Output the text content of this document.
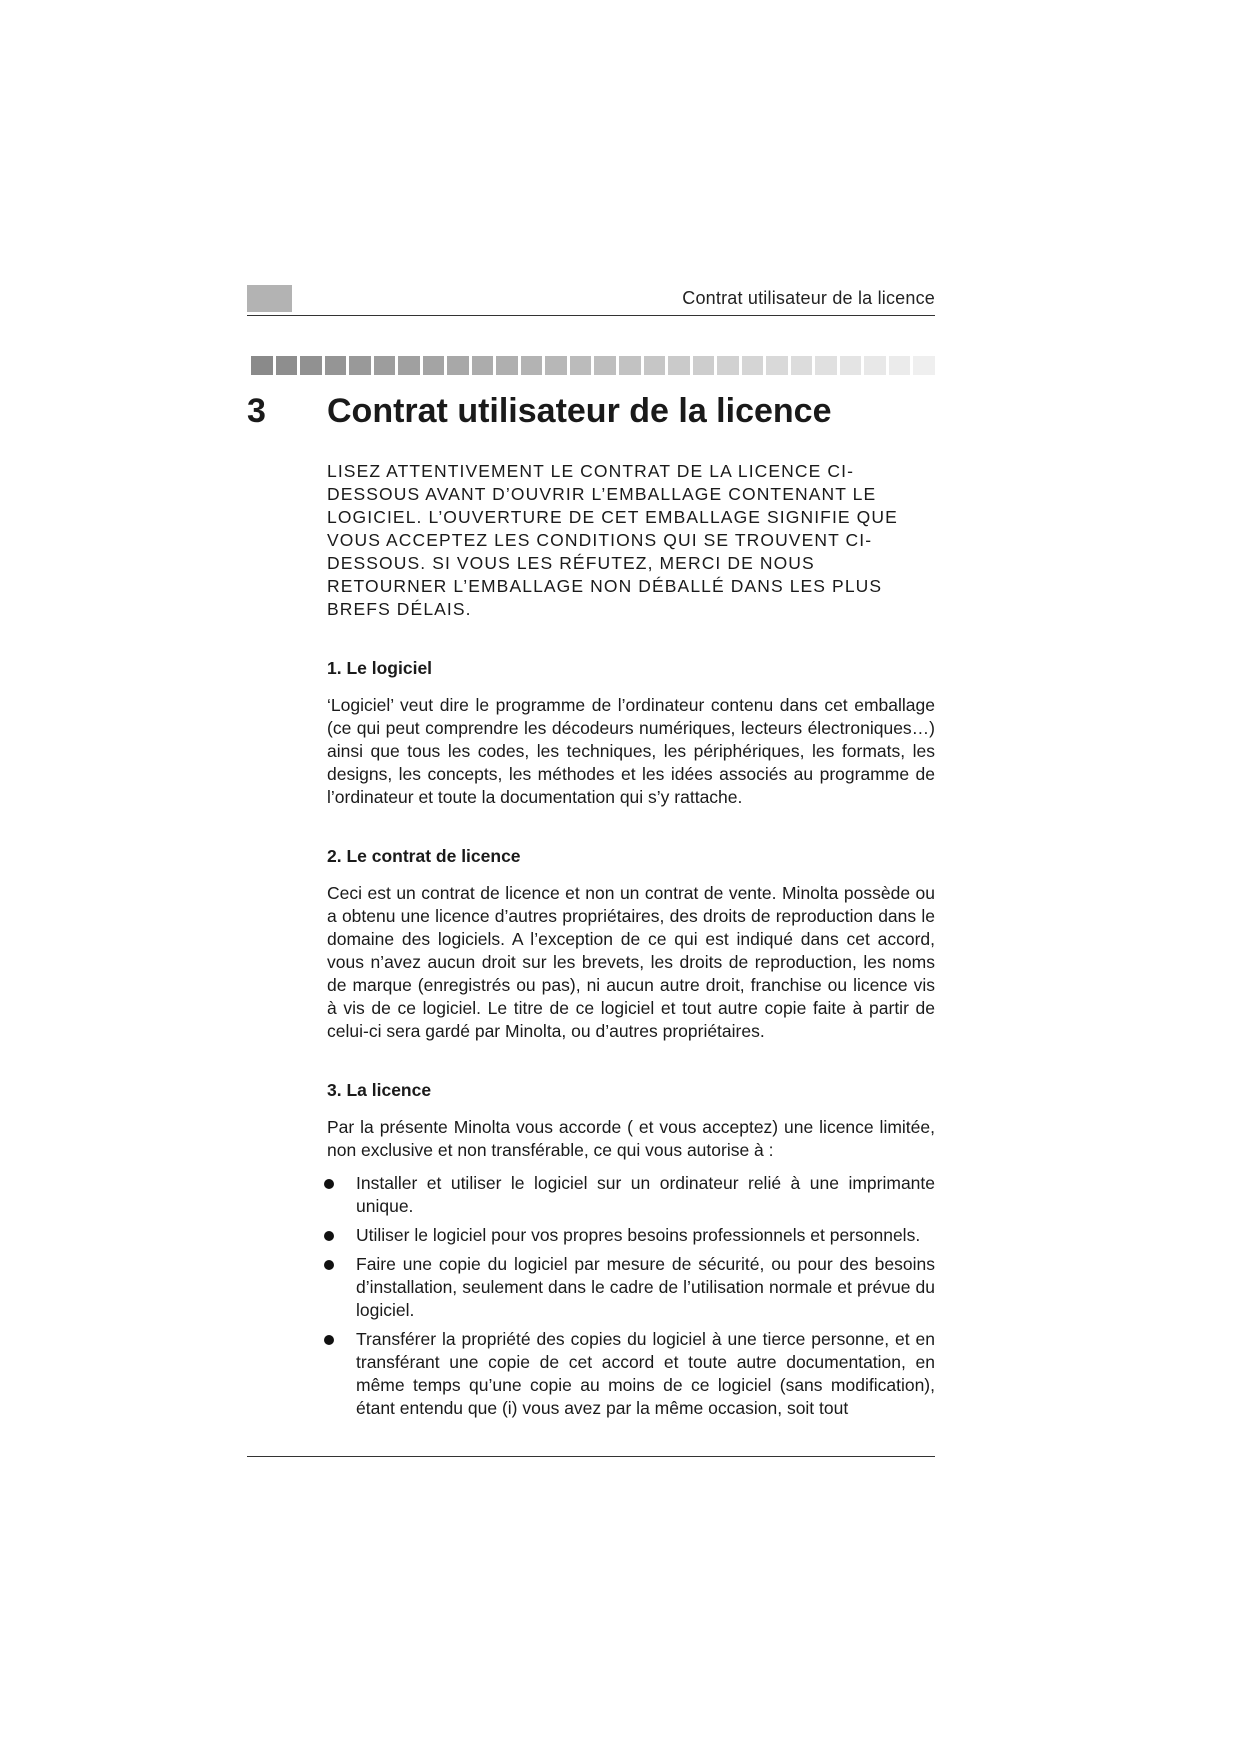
Contrat utilisateur de la licence
3 Contrat utilisateur de la licence

LISEZ ATTENTIVEMENT LE CONTRAT DE LA LICENCE CI-DESSOUS AVANT D’OUVRIR L’EMBALLAGE CONTENANT LE LOGICIEL. L’OUVERTURE DE CET EMBALLAGE SIGNIFIE QUE VOUS ACCEPTEZ LES CONDITIONS QUI SE TROUVENT CI-DESSOUS. SI VOUS LES RÉFUTEZ, MERCI DE NOUS RETOURNER L’EMBALLAGE NON DÉBALLÉ DANS LES PLUS BREFS DÉLAIS.

1. Le logiciel

‘Logiciel’ veut dire le programme de l’ordinateur contenu dans cet emballage (ce qui peut comprendre les décodeurs numériques, lecteurs électroniques…) ainsi que tous les codes, les techniques, les périphériques, les formats, les designs, les concepts, les méthodes et les idées associés au programme de l’ordinateur et toute la documentation qui s’y rattache.

2. Le contrat de licence

Ceci est un contrat de licence et non un contrat de vente. Minolta possède ou a obtenu une licence d’autres propriétaires, des droits de reproduction dans le domaine des logiciels. A l’exception de ce qui est indiqué dans cet accord, vous n’avez aucun droit sur les brevets, les droits de reproduction, les noms de marque (enregistrés ou pas), ni aucun autre droit, franchise ou licence vis à vis de ce logiciel. Le titre de ce logiciel et tout autre copie faite à partir de celui-ci sera gardé par Minolta, ou d’autres propriétaires.

3. La licence

Par la présente Minolta vous accorde ( et vous acceptez) une licence limitée, non exclusive et non transférable, ce qui vous autorise à :

Installer et utiliser le logiciel sur un ordinateur relié à une imprimante unique.
Utiliser le logiciel pour vos propres besoins professionnels et personnels.
Faire une copie du logiciel par mesure de sécurité, ou pour des besoins d’installation, seulement dans le cadre de l’utilisation normale et prévue du logiciel.
Transférer la propriété des copies du logiciel à une tierce personne, et en transférant une copie de cet accord et toute autre documentation, en même temps qu’une copie au moins de ce logiciel (sans modification), étant entendu que (i) vous avez par la même occasion, soit tout
